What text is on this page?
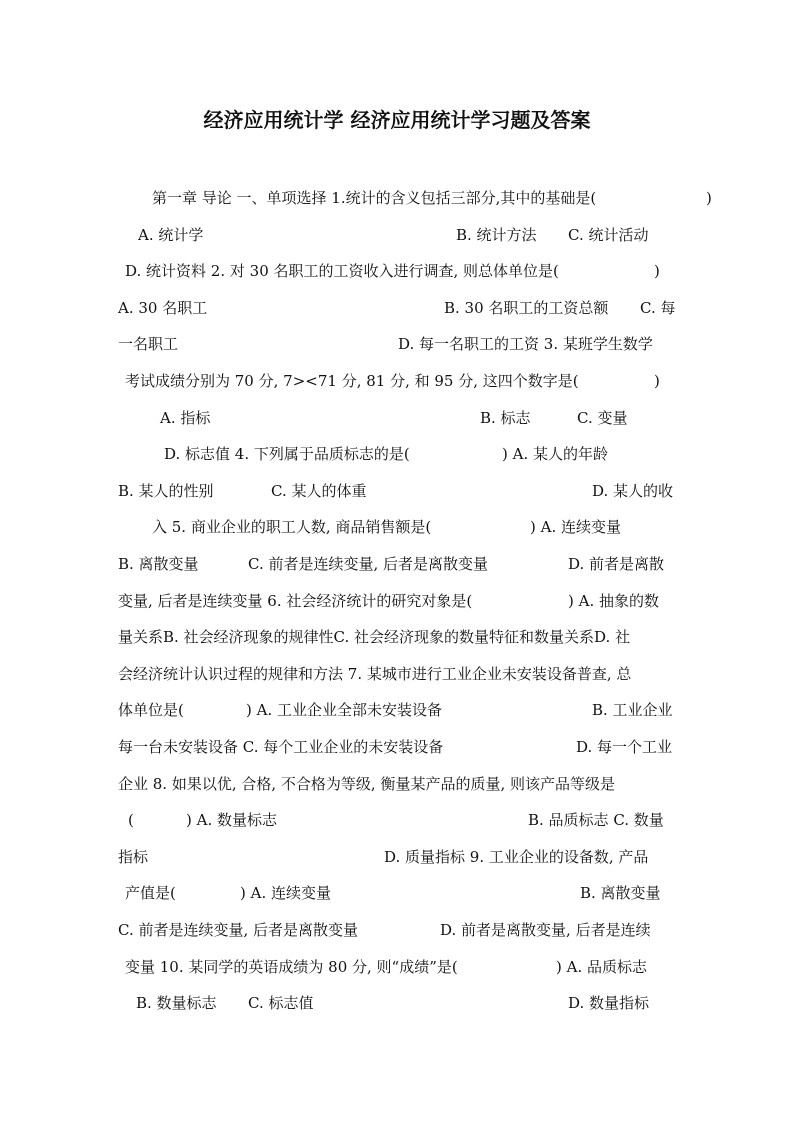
经济应用统计学 经济应用统计学习题及答案
第一章 导论 一、单项选择 1.统计的含义包括三部分,其中的基础是(	)
A. 统计学	B. 统计方法 C. 统计活动
D. 统计资料 2. 对 30 名职工的工资收入进行调查, 则总体单位是(	)
A. 30 名职工	B. 30 名职工的工资总额 C. 每
一名职工	D. 每一名职工的工资 3. 某班学生数学
考试成绩分别为 70 分, 7><71 分, 81 分, 和 95 分, 这四个数字是(	)
A. 指标	B. 标志	C. 变量
D. 标志值 4. 下列属于品质标志的是(	) A. 某人的年龄
B. 某人的性别	C. 某人的体重	D. 某人的收
入 5. 商业企业的职工人数, 商品销售额是(	) A. 连续变量
B. 离散变量	C. 前者是连续变量, 后者是离散变量	D. 前者是离散
变量, 后者是连续变量 6. 社会经济统计的研究对象是(	) A. 抽象的数
量关系B. 社会经济现象的规律性C. 社会经济现象的数量特征和数量关系D. 社
会经济统计认识过程的规律和方法 7. 某城市进行工业企业未安装设备普查, 总
体单位是(	) A. 工业企业全部未安装设备	B. 工业企业
每一台未安装设备 C. 每个工业企业的未安装设备	D. 每一个工业
企业 8. 如果以优, 合格, 不合格为等级, 衡量某产品的质量, 则该产品等级是
(	) A. 数量标志	B. 品质标志 C. 数量
指标	D. 质量指标 9. 工业企业的设备数, 产品
产值是(	) A. 连续变量	B. 离散变量
C. 前者是连续变量, 后者是离散变量	D. 前者是离散变量, 后者是连续
变量 10. 某同学的英语成绩为 80 分, 则“成绩”是(	) A. 品质标志
B. 数量标志 C. 标志值	D. 数量指标
